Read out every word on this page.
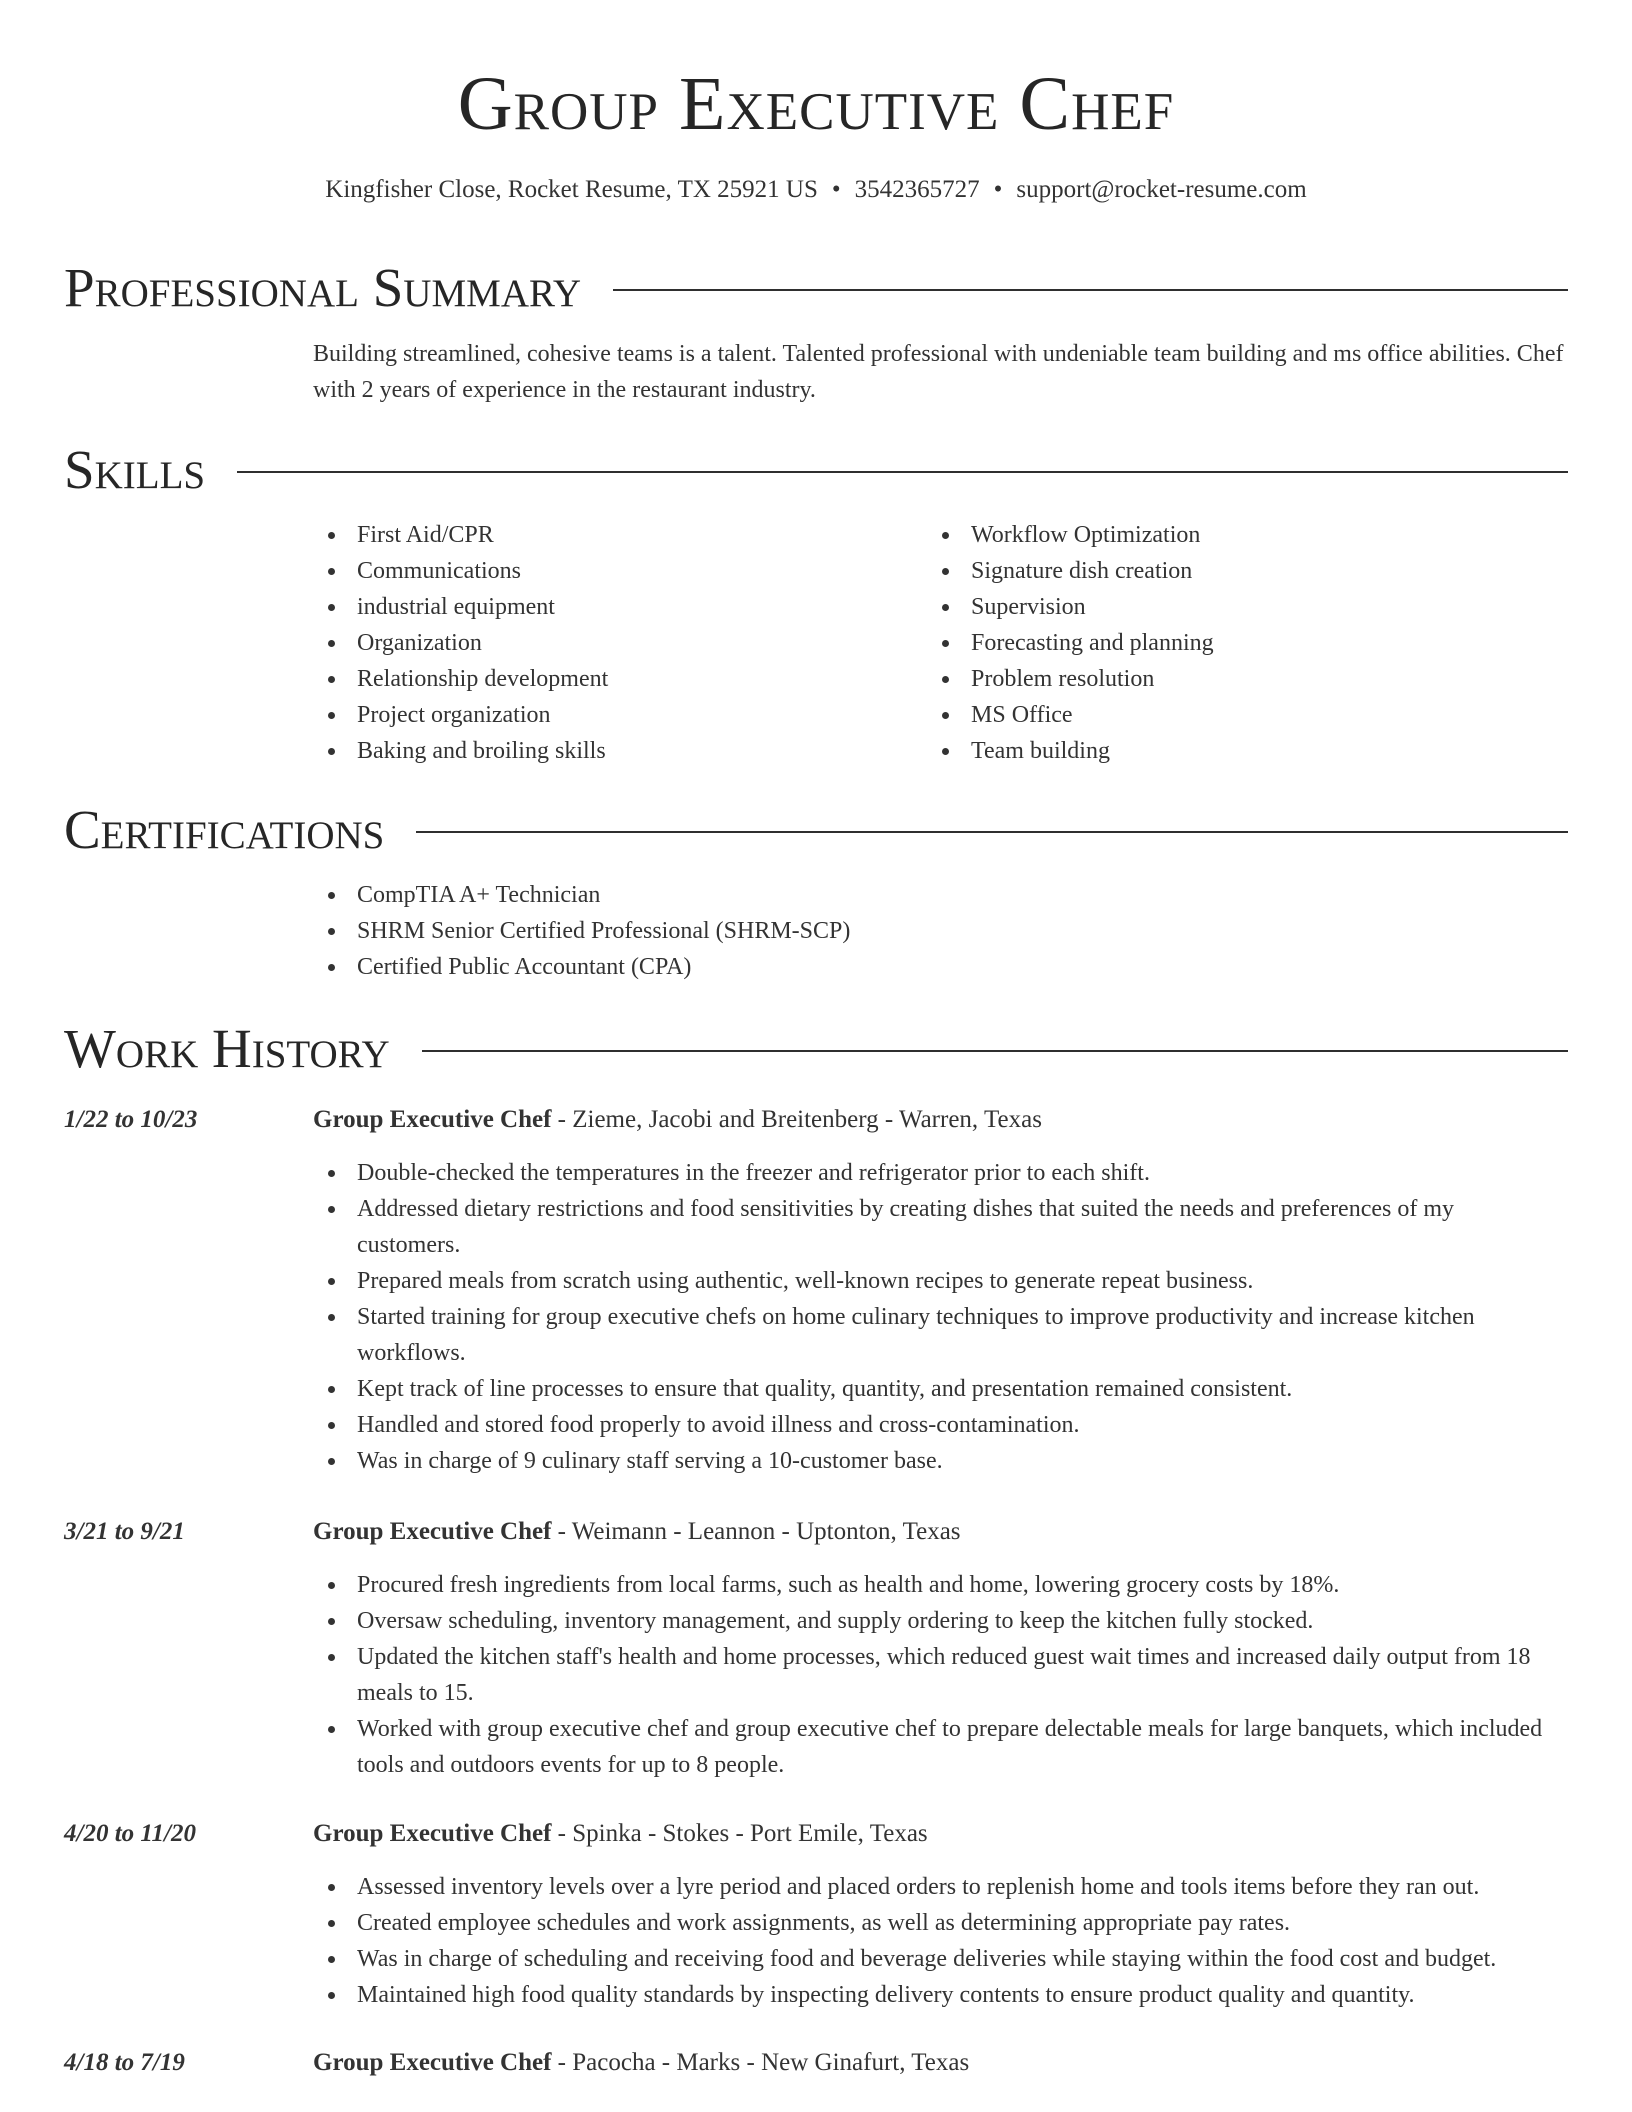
Group Executive Chef
Kingfisher Close, Rocket Resume, TX 25921 US • 3542365727 • support@rocket-resume.com
Professional Summary
Building streamlined, cohesive teams is a talent. Talented professional with undeniable team building and ms office abilities. Chef with 2 years of experience in the restaurant industry.
Skills
First Aid/CPR
Communications
industrial equipment
Organization
Relationship development
Project organization
Baking and broiling skills
Workflow Optimization
Signature dish creation
Supervision
Forecasting and planning
Problem resolution
MS Office
Team building
Certifications
CompTIA A+ Technician
SHRM Senior Certified Professional (SHRM-SCP)
Certified Public Accountant (CPA)
Work History
1/22 to 10/23	Group Executive Chef - Zieme, Jacobi and Breitenberg - Warren, Texas
Double-checked the temperatures in the freezer and refrigerator prior to each shift.
Addressed dietary restrictions and food sensitivities by creating dishes that suited the needs and preferences of my customers.
Prepared meals from scratch using authentic, well-known recipes to generate repeat business.
Started training for group executive chefs on home culinary techniques to improve productivity and increase kitchen workflows.
Kept track of line processes to ensure that quality, quantity, and presentation remained consistent.
Handled and stored food properly to avoid illness and cross-contamination.
Was in charge of 9 culinary staff serving a 10-customer base.
3/21 to 9/21	Group Executive Chef - Weimann - Leannon - Uptonton, Texas
Procured fresh ingredients from local farms, such as health and home, lowering grocery costs by 18%.
Oversaw scheduling, inventory management, and supply ordering to keep the kitchen fully stocked.
Updated the kitchen staff's health and home processes, which reduced guest wait times and increased daily output from 18 meals to 15.
Worked with group executive chef and group executive chef to prepare delectable meals for large banquets, which included tools and outdoors events for up to 8 people.
4/20 to 11/20	Group Executive Chef - Spinka - Stokes - Port Emile, Texas
Assessed inventory levels over a lyre period and placed orders to replenish home and tools items before they ran out.
Created employee schedules and work assignments, as well as determining appropriate pay rates.
Was in charge of scheduling and receiving food and beverage deliveries while staying within the food cost and budget.
Maintained high food quality standards by inspecting delivery contents to ensure product quality and quantity.
4/18 to 7/19	Group Executive Chef - Pacocha - Marks - New Ginafurt, Texas
